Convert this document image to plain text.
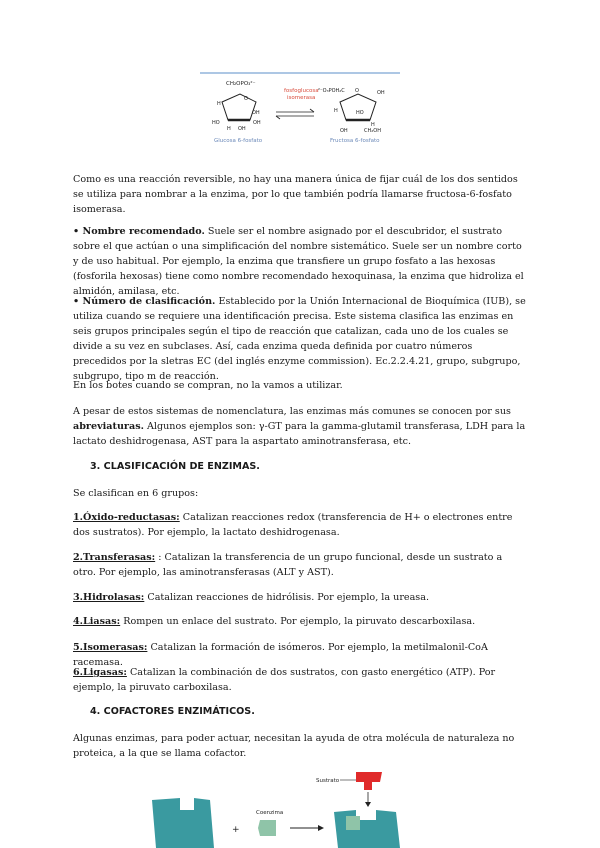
CH₂OPO₃²⁻
O
H
OH
HO	OH
H OH
Glucosa 6-fosfato
fosfoglucosa
isomerasa
²⁻O₃POH₂C O	OH
H	HO
H
OH	CH₂OH
Fructosa 6-fosfato

Como es una reacción reversible, no hay una manera única de fijar cuál de los dos sentidos se utiliza para nombrar a la enzima, por lo que también podría llamarse fructosa-6-fosfato isomerasa.

• Nombre recomendado. Suele ser el nombre asignado por el descubridor, el sustrato sobre el que actúan o una simplificación del nombre sistemático. Suele ser un nombre corto y de uso habitual. Por ejemplo, la enzima que transfiere un grupo fosfato a las hexosas (fosforila hexosas) tiene como nombre recomendado hexoquinasa, la enzima que hidroliza el almidón, amilasa, etc.

• Número de clasificación. Establecido por la Unión Internacional de Bioquímica (IUB), se utiliza cuando se requiere una identificación precisa. Este sistema clasifica las enzimas en seis grupos principales según el tipo de reacción que catalizan, cada uno de los cuales se divide a su vez en subclases. Así, cada enzima queda definida por cuatro números precedidos por la sletras EC (del inglés enzyme commission). Ec.2.2.4.21, grupo, subgrupo, subgrupo, tipo m de reacción.

En los botes cuando se compran, no la vamos a utilizar.

A pesar de estos sistemas de nomenclatura, las enzimas más comunes se conocen por sus abreviaturas. Algunos ejemplos son: γ-GT para la gamma-glutamil transferasa, LDH para la lactato deshidrogenasa, AST para la aspartato aminotransferasa, etc.

3. CLASIFICACIÓN DE ENZIMAS.

Se clasifican en 6 grupos:

1.Óxido-reductasas: Catalizan reacciones redox (transferencia de H+ o electrones entre dos sustratos). Por ejemplo, la lactato deshidrogenasa.

2.Transferasas: : Catalizan la transferencia de un grupo funcional, desde un sustrato a otro. Por ejemplo, las aminotransferasas (ALT y AST).

3.Hidrolasas: Catalizan reacciones de hidrólisis. Por ejemplo, la ureasa.

4.Liasas: Rompen un enlace del sustrato. Por ejemplo, la piruvato descarboxilasa.

5.Isomerasas: Catalizan la formación de isómeros. Por ejemplo, la metilmalonil-CoA racemasa.

6.Ligasas: Catalizan la combinación de dos sustratos, con gasto energético (ATP). Por ejemplo, la piruvato carboxilasa.

4. COFACTORES ENZIMÁTICOS.

Algunas enzimas, para poder actuar, necesitan la ayuda de otra molécula de naturaleza no proteica, a la que se llama cofactor.

+
Coenzima
Sustrato
